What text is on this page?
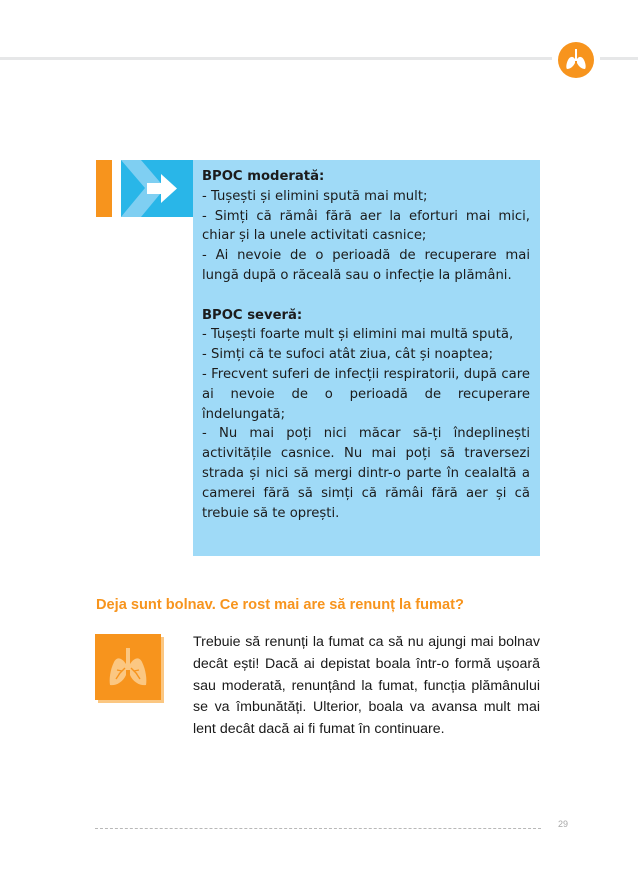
BPOC moderată:

- Tușești și elimini spută mai mult;

- Simți că rămâi fără aer la eforturi mai mici, chiar și la unele activitati casnice;

- Ai nevoie de o perioadă de recuperare mai lungă după o răceală sau o infecție la plămâni.

BPOC severă:

- Tușești foarte mult și elimini mai multă spută,

- Simți că te sufoci atât ziua, cât și noaptea;

- Frecvent suferi de infecții respiratorii, după care ai nevoie de o perioadă de recuperare îndelungată;

- Nu mai poți nici măcar să-ți îndeplinești activitățile casnice. Nu mai poți să traversezi strada și nici să mergi dintr-o parte în cealaltă a camerei fără să simți că rămâi fără aer și că trebuie să te oprești.

Deja sunt bolnav. Ce rost mai are să renunț la fumat?

Trebuie să renunți la fumat ca să nu ajungi mai bolnav decât ești! Dacă ai depistat boala într-o formă ușoară sau moderată, renunțând la fumat, funcția plămânului se va îmbunătăți. Ulterior, boala va avansa mult mai lent decât dacă ai fi fumat în continuare.

29
